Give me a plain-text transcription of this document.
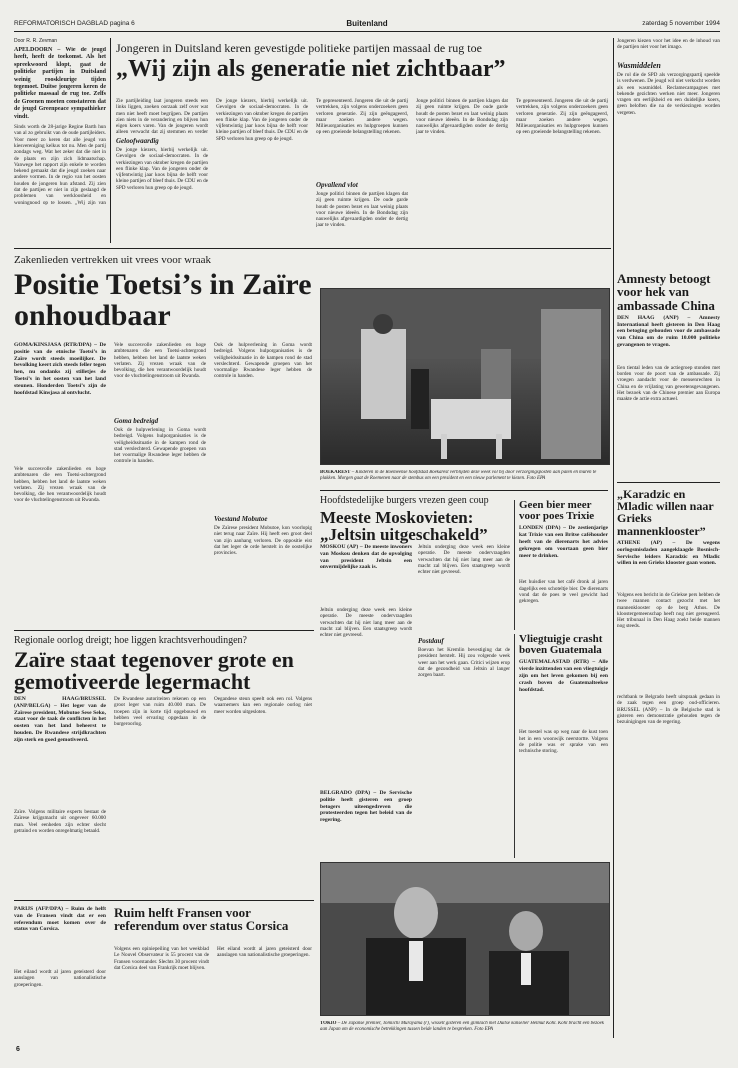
REFORMATORISCH DAGBLAD pagina 6	Buitenland	zaterdag 5 november 1994
Door R. R. Zevman

APELDOORN – Wie de jeugd heeft, heeft de toekomst. Als het spreekwoord klopt, gaat de politieke partijen in Duitsland weinig rooskleurige tijden tegemoet. Duitse jongeren keren de politieke massaal de rug toe. Zelfs de Groenen moeten constateren dat de jeugd Greenpeace sympathieker vindt.

Sinds worth de 28-jarige Regine Barth hun van al zo gebruikt van de oude partijleiders. Voor meer zo keren dat alle jeugd van kiesvereniging kelkus tot nu. Men de partij zondags weg. Wat het zeker dat die niet in de plaats en zijn zich lidmaatschap. Vanwege het rapport zijn enkele te worden bekend gemaakt dat die jeugd zoeken naar andere vormen. In de regio van het oosten houden de jongeren hun afstand. Zij zien dat de partijen er niet in zijn geslaagd de problemen van werkloosheid en woningnood op te lossen. ,,Wij zijn van

Jongeren in Duitsland keren gevestigde politieke partijen massaal de rug toe

„Wij zijn als generatie niet zichtbaar”

Zie partijleiding laat jongeren steeds een links liggen, zoeken oorzaak zelf over wat men niet heeft moet begrijpen. De partijen zien niets in de verandering en blijven hun eigen koers varen. Van de jongeren wordt alleen verwacht dat zij stemmen en verder

Geloofwaardig

De jonge kiezers, hierbij werkelijk uit. Gevolgen de sociaal-democraten. In de verkiezingen van oktober kregen de partijen een flinke klap. Van de jongeren onder de vijfentwintig jaar koos bijna de helft voor kleine partijen of bleef thuis. De CDU en de SPD verloren hun greep op de jeugd.

De jonge kiezers, hierbij werkelijk uit. Gevolgen de sociaal-democraten. In de verkiezingen van oktober kregen de partijen een flinke klap. Van de jongeren onder de vijfentwintig jaar koos bijna de helft voor kleine partijen of bleef thuis. De CDU en de SPD verloren hun greep op de jeugd.

Te gepresenteerd. Jongeren die uit de partij vertrekken, zijn volgens onderzoekers geen verloren generatie. Zij zijn geëngageerd, maar zoeken andere wegen. Milieuorganisaties en hulpgroepen kunnen op een groeiende belangstelling rekenen.

Opvallend vlot

Jonge politici binnen de partijen klagen dat zij geen ruimte krijgen. De oude garde houdt de posten bezet en laat weinig plaats voor nieuwe ideeën. In de Bondsdag zijn nauwelijks afgevaardigden onder de dertig jaar te vinden.

Jonge politici binnen de partijen klagen dat zij geen ruimte krijgen. De oude garde houdt de posten bezet en laat weinig plaats voor nieuwe ideeën. In de Bondsdag zijn nauwelijks afgevaardigden onder de dertig jaar te vinden.

Te gepresenteerd. Jongeren die uit de partij vertrekken, zijn volgens onderzoekers geen verloren generatie. Zij zijn geëngageerd, maar zoeken andere wegen. Milieuorganisaties en hulpgroepen kunnen op een groeiende belangstelling rekenen.

Jongeren kiezen voor het idee en de inhoud van de partijen niet voor het imago.

Wasmiddelen

De rol die de SPD als verzorgingspartij speelde is verdwenen. De jeugd wil niet verkocht worden als een wasmiddel. Reclamecampagnes met bekende gezichten werken niet meer. Jongeren vragen om eerlijkheid en een duidelijke koers, geen beloften die na de verkiezingen worden vergeten.

Zakenlieden vertrekken uit vrees voor wraak

Positie Toetsi’s in Zaïre onhoudbaar

GOMA/KINSJASA (RTR/DPA) – De positie van de etnische Toetsi’s in Zaïre wordt steeds moeilijker. De bevolking keert zich steeds feller tegen hen, nu ondanks zij stilletjes de Toetsi’s in het oosten van het land steunen. Honderden Toetsi’s zijn de hoofdstad Kinsjasa al ontvlucht.

Vele succesvolle zakenlieden en hoge ambtenaren die een Toetsi-achtergrond hebben, hebben het land de laatste weken verlaten. Zij vrezen wraak van de bevolking, die hen verantwoordelijk houdt voor de vluchtelingenstroom uit Rwanda.

Vele succesvolle zakenlieden en hoge ambtenaren die een Toetsi-achtergrond hebben, hebben het land de laatste weken verlaten. Zij vrezen wraak van de bevolking, die hen verantwoordelijk houdt voor de vluchtelingenstroom uit Rwanda.

Goma bedreigd

Ook de hulpverlening in Goma wordt bedreigd. Volgens hulporganisaties is de veiligheidssituatie in de kampen rond de stad verslechterd. Gewapende groepen van het voormalige Rwandese leger hebben de controle in handen.

Ook de hulpverlening in Goma wordt bedreigd. Volgens hulporganisaties is de veiligheidssituatie in de kampen rond de stad verslechterd. Gewapende groepen van het voormalige Rwandese leger hebben de controle in handen.

Voestand Mobutoe

De Zaïrese president Mobutoe, kon voorlopig niet terug naar Zaïre. Hij heeft een groot deel van zijn aanhang verloren. De oppositie eist dat het leger de orde herstelt in de oostelijke provincies.

BOEKAREST – Kinderen in de Roemeense hoofdstad Boekarest verblijden deze week vol bij door verzorgingsposten aan palen en muren te plakken. Morgen gaat de Roemenen naar de stembus om een president en een nieuw parlement te kiezen. Foto EPA

Hoofdstedelijke burgers vrezen geen coup

Meeste Moskovieten: „Jeltsin uitgeschakeld”

MOSKOU (AP) – De meeste inwoners van Moskou denken dat de opvolging van president Jeltsin een onvermijdelijke zaak is.

Jeltsin onderging deze week een kleine operatie. De meeste ondervraagden verwachten dat hij niet lang meer aan de macht zal blijven. Een staatsgreep wordt echter niet gevreesd.

BELGRADO (DPA) – De Servische politie heeft gisteren een groep betogers uiteengedreven die protesteerden tegen het beleid van de regering.

Jeltsin onderging deze week een kleine operatie. De meeste ondervraagden verwachten dat hij niet lang meer aan de macht zal blijven. Een staatsgreep wordt echter niet gevreesd.

Postdauf

Boevan het Kremlin bevestiging dat de president herstelt. Hij zou volgende week weer aan het werk gaan. Critici wijzen erop dat de gezondheid van Jeltsin al langer zorgen baart.

Geen bier meer voor poes Trixie

LONDEN (DPA) – De zestienjarige kat Trixie van een Britse caféhouder heeft van de dierenarts het advies gekregen om voortaan geen bier meer te drinken.

Het huisdier van het café dronk al jaren dagelijks een schoteltje bier. De dierenarts vond dat de poes te veel gewicht had gekregen.

Vliegtuigje crasht boven Guatemala

GUATEMALASTAD (RTR) – Alle vierde inzittenden van een vliegtuigje zijn om het leven gekomen bij een crash boven de Guatemalteekse hoofdstad.

Het toestel was op weg naar de kust toen het in een woonwijk neerstortte. Volgens de politie was er sprake van een technische storing.

Amnesty betoogt voor hek van ambassade China

DEN HAAG (ANP) – Amnesty International heeft gisteren in Den Haag een betoging gehouden voor de ambassade van China om de ruim 10.000 politieke gevangenen te vragen.

Een tiental leden van de actiegroep stonden met borden voor de poort van de ambassade. Zij vroegen aandacht voor de mensenrechten in China en de vrijlating van gewetensgevangenen. Het bezoek van de Chinese premier aan Europa maakte de actie extra actueel.

„Karadzic en Mladic willen naar Grieks mannenklooster”

ATHENE (AP) – De wegens oorlogsmisdaden aangeklaagde Bosnisch-Servische leiders Karadzic en Mladic willen in een Grieks klooster gaan wonen.

Volgens een bericht in de Griekse pers hebben de twee mannen contact gezocht met het mannenklooster op de berg Athos. De kloostergemeenschap heeft nog niet gereageerd. Het tribunaal in Den Haag zoekt beide mannen nog steeds.

rechtbank te Belgrado heeft uitspraak gedaan in de zaak tegen een groep oud-officieren. BRUSSEL (ANP) – In de Belgische stad is gisteren een demonstratie gehouden tegen de bezuinigingen van de regering.

Regionale oorlog dreigt; hoe liggen krachtsverhoudingen?

Zaïre staat tegenover grote en gemotiveerde legermacht

DEN HAAG/BRUSSEL (ANP/BELGA) – Het leger van de Zaïrese president, Mobutoe Sese Seko, staat voor de taak de conflicten in het oosten van het land beheerst te houden. De Rwandese strijdkrachten zijn sterk en goed gemotiveerd.

Zaïre. Volgens militaire experts bestaat de Zaïrese krijgsmacht uit ongeveer 60.000 man. Veel eenheden zijn echter slecht getraind en worden onregelmatig betaald.

De Rwandese autoriteiten rekenen op een groot leger van ruim 40.000 man. De troepen zijn in korte tijd opgebouwd en hebben veel ervaring opgedaan in de burgeroorlog.

Oegandese steun speelt ook een rol. Volgens waarnemers kan een regionale oorlog niet meer worden uitgesloten.

PARIJS (AFP/DPA) – Ruim de helft van de Fransen vindt dat er een referendum moet komen over de status van Corsica.

Het eiland wordt al jaren geteisterd door aanslagen van nationalistische groeperingen.

Ruim helft Fransen voor referendum over status Corsica

Volgens een opiniepeiling van het weekblad Le Nouvel Observateur is 55 procent van de Fransen voorstander. Slechts 30 procent vindt dat Corsica deel van Frankrijk moet blijven.

Het eiland wordt al jaren geteisterd door aanslagen van nationalistische groeperingen.

TOKIO – De Japanse premier, Tomiichi Murayama (r), wisselt gisteren een glimlach met Duitse kanselier Helmut Kohl. Kohl bracht een bezoek aan Japan om de economische betrekkingen tussen beide landen te bespreken. Foto EPA

6
